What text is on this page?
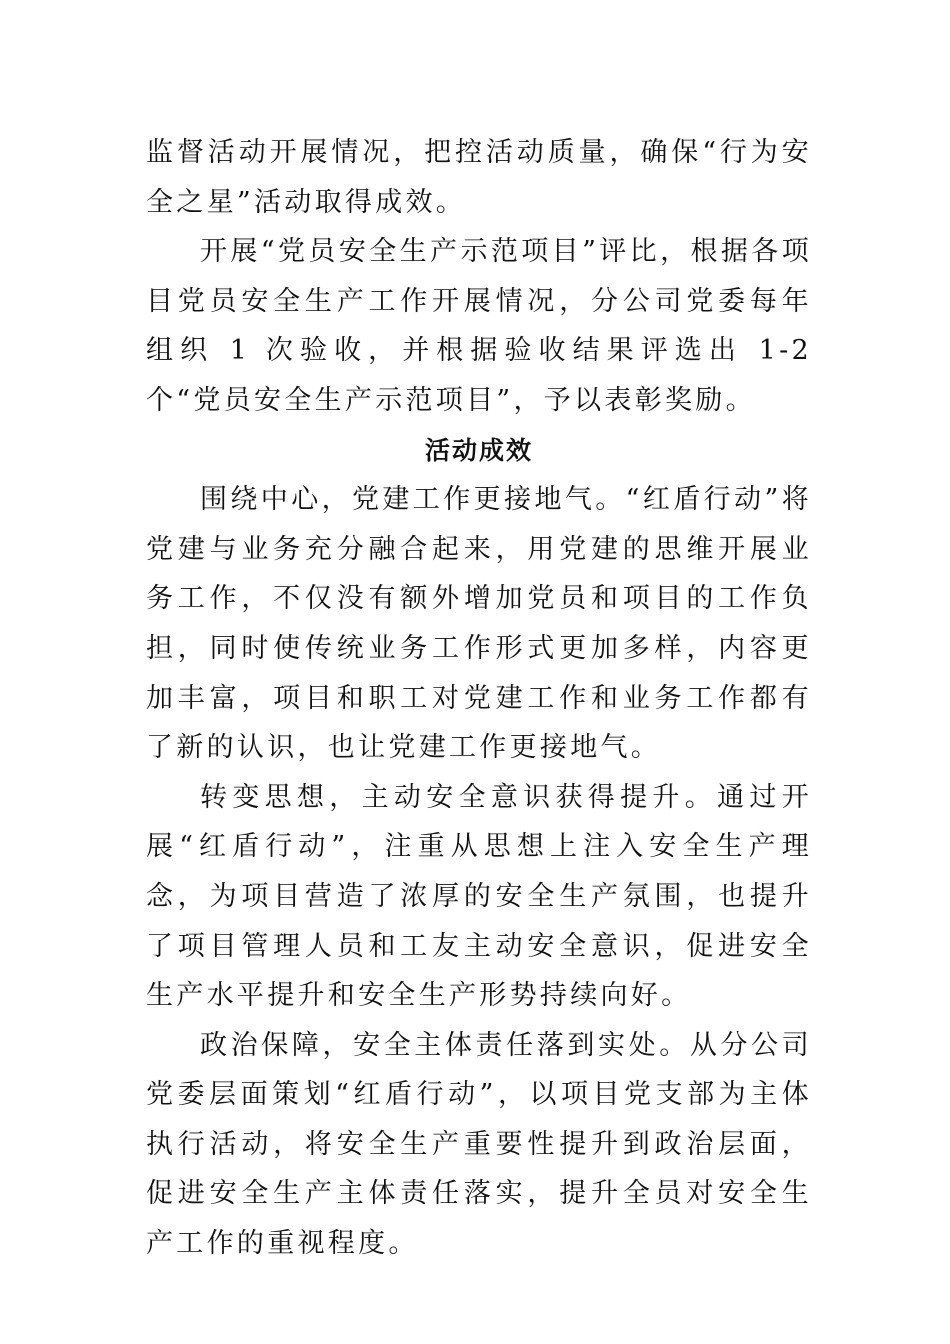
监督活动开展情况，把控活动质量，确保“行为安全之星”活动取得成效。

开展“党员安全生产示范项目”评比，根据各项目党员安全生产工作开展情况，分公司党委每年组织 1 次验收，并根据验收结果评选出 1-2 个“党员安全生产示范项目”，予以表彰奖励。

活动成效

围绕中心，党建工作更接地气。“红盾行动”将党建与业务充分融合起来，用党建的思维开展业务工作，不仅没有额外增加党员和项目的工作负担，同时使传统业务工作形式更加多样，内容更加丰富，项目和职工对党建工作和业务工作都有了新的认识，也让党建工作更接地气。

转变思想，主动安全意识获得提升。通过开展“红盾行动”，注重从思想上注入安全生产理念，为项目营造了浓厚的安全生产氛围，也提升了项目管理人员和工友主动安全意识，促进安全生产水平提升和安全生产形势持续向好。

政治保障，安全主体责任落到实处。从分公司党委层面策划“红盾行动”，以项目党支部为主体执行活动，将安全生产重要性提升到政治层面，促进安全生产主体责任落实，提升全员对安全生产工作的重视程度。
